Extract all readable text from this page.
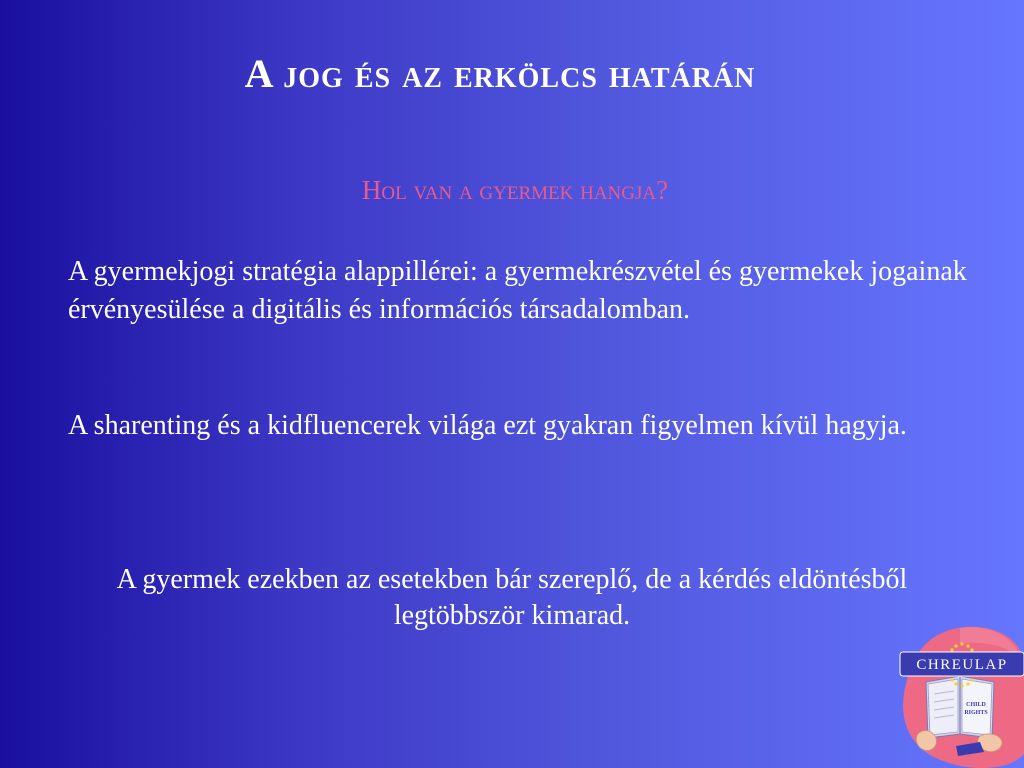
A jog és az erkölcs határán

Hol van a gyermek hangja?

A gyermekjogi stratégia alappillérei: a gyermekrészvétel és gyermekek jogainak érvényesülése a digitális és információs társadalomban.

A sharenting és a kidfluencerek világa ezt gyakran figyelmen kívül hagyja.

A gyermek ezekben az esetekben bár szereplő, de a kérdés eldöntésből legtöbbször kimarad.

CHILD
RIGHTS
CHREULAP
